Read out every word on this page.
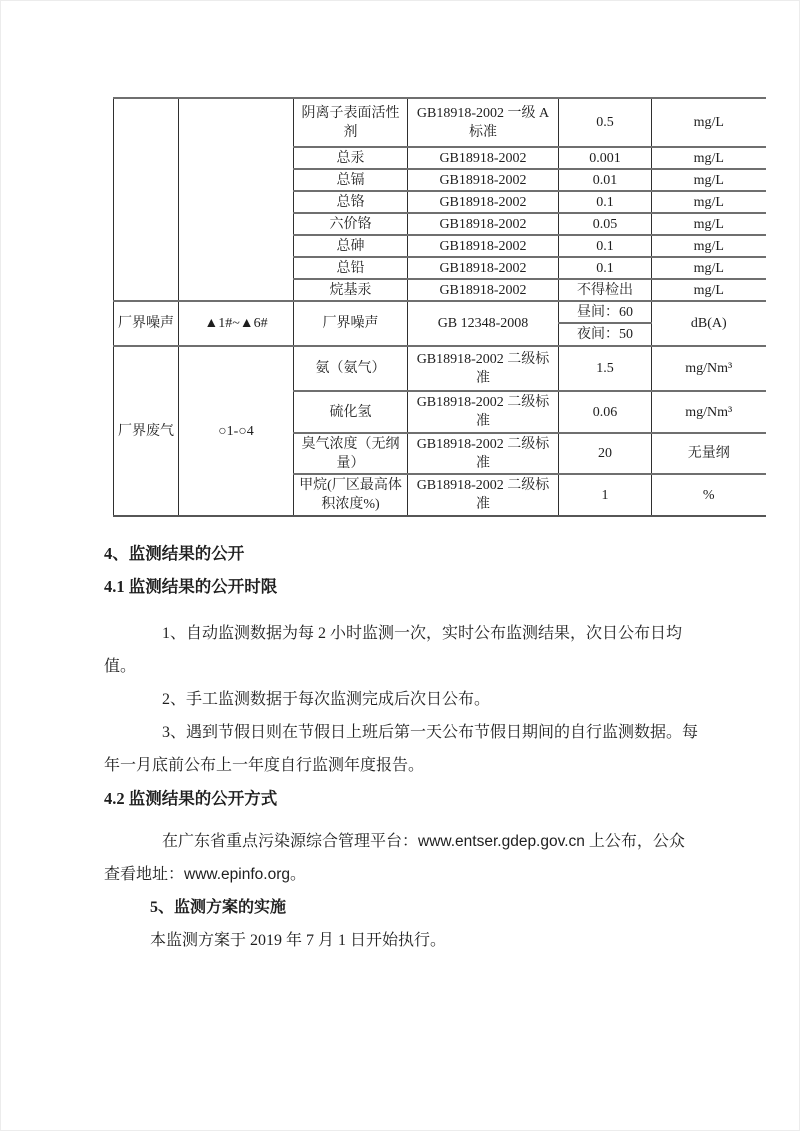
		阴离子表面活性剂	GB18918-2002 一级 A 标准	0.5	mg/L
		总汞	GB18918-2002	0.001	mg/L
		总镉	GB18918-2002	0.01	mg/L
		总铬	GB18918-2002	0.1	mg/L
		六价铬	GB18918-2002	0.05	mg/L
		总砷	GB18918-2002	0.1	mg/L
		总铅	GB18918-2002	0.1	mg/L
		烷基汞	GB18918-2002	不得检出	mg/L
厂界噪声	▲1#~▲6#	厂界噪声	GB 12348-2008	昼间：60	dB(A)
				夜间：50	
厂界废气	○1-○4	氨（氨气）	GB18918-2002 二级标准	1.5	mg/Nm³
		硫化氢	GB18918-2002 二级标准	0.06	mg/Nm³
		臭气浓度（无纲量）	GB18918-2002 二级标准	20	无量纲
		甲烷(厂区最高体积浓度%)	GB18918-2002 二级标准	1	%
4、监测结果的公开
4.1 监测结果的公开时限

1、自动监测数据为每 2 小时监测一次，实时公布监测结果，次日公布日均值。

2、手工监测数据于每次监测完成后次日公布。

3、遇到节假日则在节假日上班后第一天公布节假日期间的自行监测数据。每年一月底前公布上一年度自行监测年度报告。

4.2 监测结果的公开方式

在广东省重点污染源综合管理平台：www.entser.gdep.gov.cn 上公布，公众查看地址：www.epinfo.org。

5、监测方案的实施

本监测方案于 2019 年 7 月 1 日开始执行。
